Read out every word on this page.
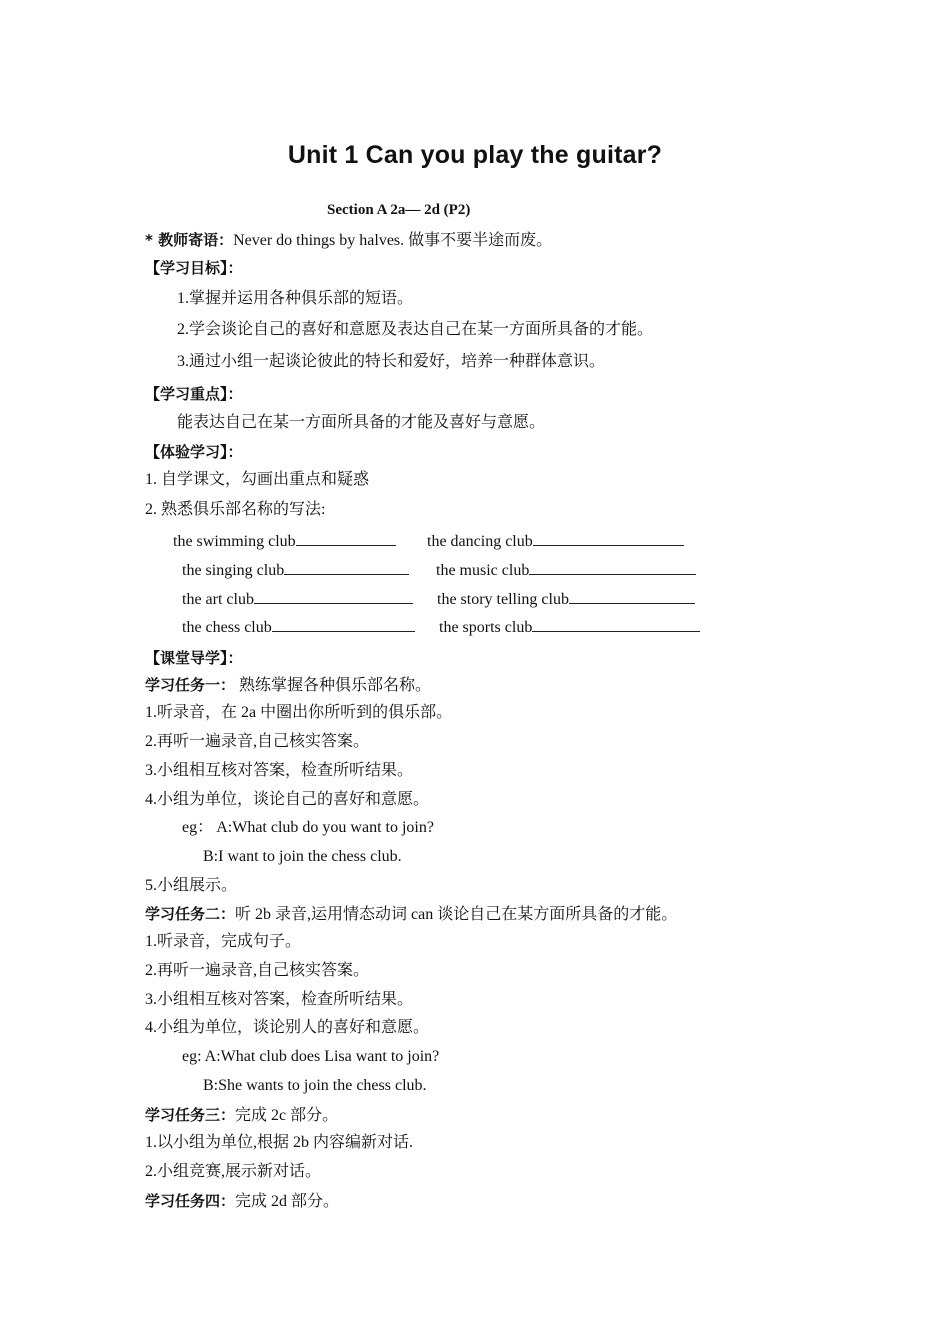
Unit 1 Can you play the guitar?
Section A 2a— 2d (P2)
* 教师寄语：Never do things by halves. 做事不要半途而废。
【学习目标】：
1.掌握并运用各种俱乐部的短语。
2.学会谈论自己的喜好和意愿及表达自己在某一方面所具备的才能。
3.通过小组一起谈论彼此的特长和爱好，培养一种群体意识。
【学习重点】：
能表达自己在某一方面所具备的才能及喜好与意愿。
【体验学习】：
1. 自学课文，勾画出重点和疑惑
2. 熟悉俱乐部名称的写法:
the swimming club	the dancing club
the singing club	the music club
the art club	the story telling club
the chess club	the sports club
【课堂导学】：
学习任务一： 熟练掌握各种俱乐部名称。
1.听录音，在 2a 中圈出你所听到的俱乐部。
2.再听一遍录音,自己核实答案。
3.小组相互核对答案，检查所听结果。
4.小组为单位，谈论自己的喜好和意愿。
eg： A:What club do you want to join?
B:I want to join the chess club.
5.小组展示。
学习任务二：听 2b 录音,运用情态动词 can 谈论自己在某方面所具备的才能。
1.听录音，完成句子。
2.再听一遍录音,自己核实答案。
3.小组相互核对答案，检查所听结果。
4.小组为单位，谈论别人的喜好和意愿。
eg: A:What club does Lisa want to join?
B:She wants to join the chess club.
学习任务三：完成 2c 部分。
1.以小组为单位,根据 2b 内容编新对话.
2.小组竞赛,展示新对话。
学习任务四：完成 2d 部分。
